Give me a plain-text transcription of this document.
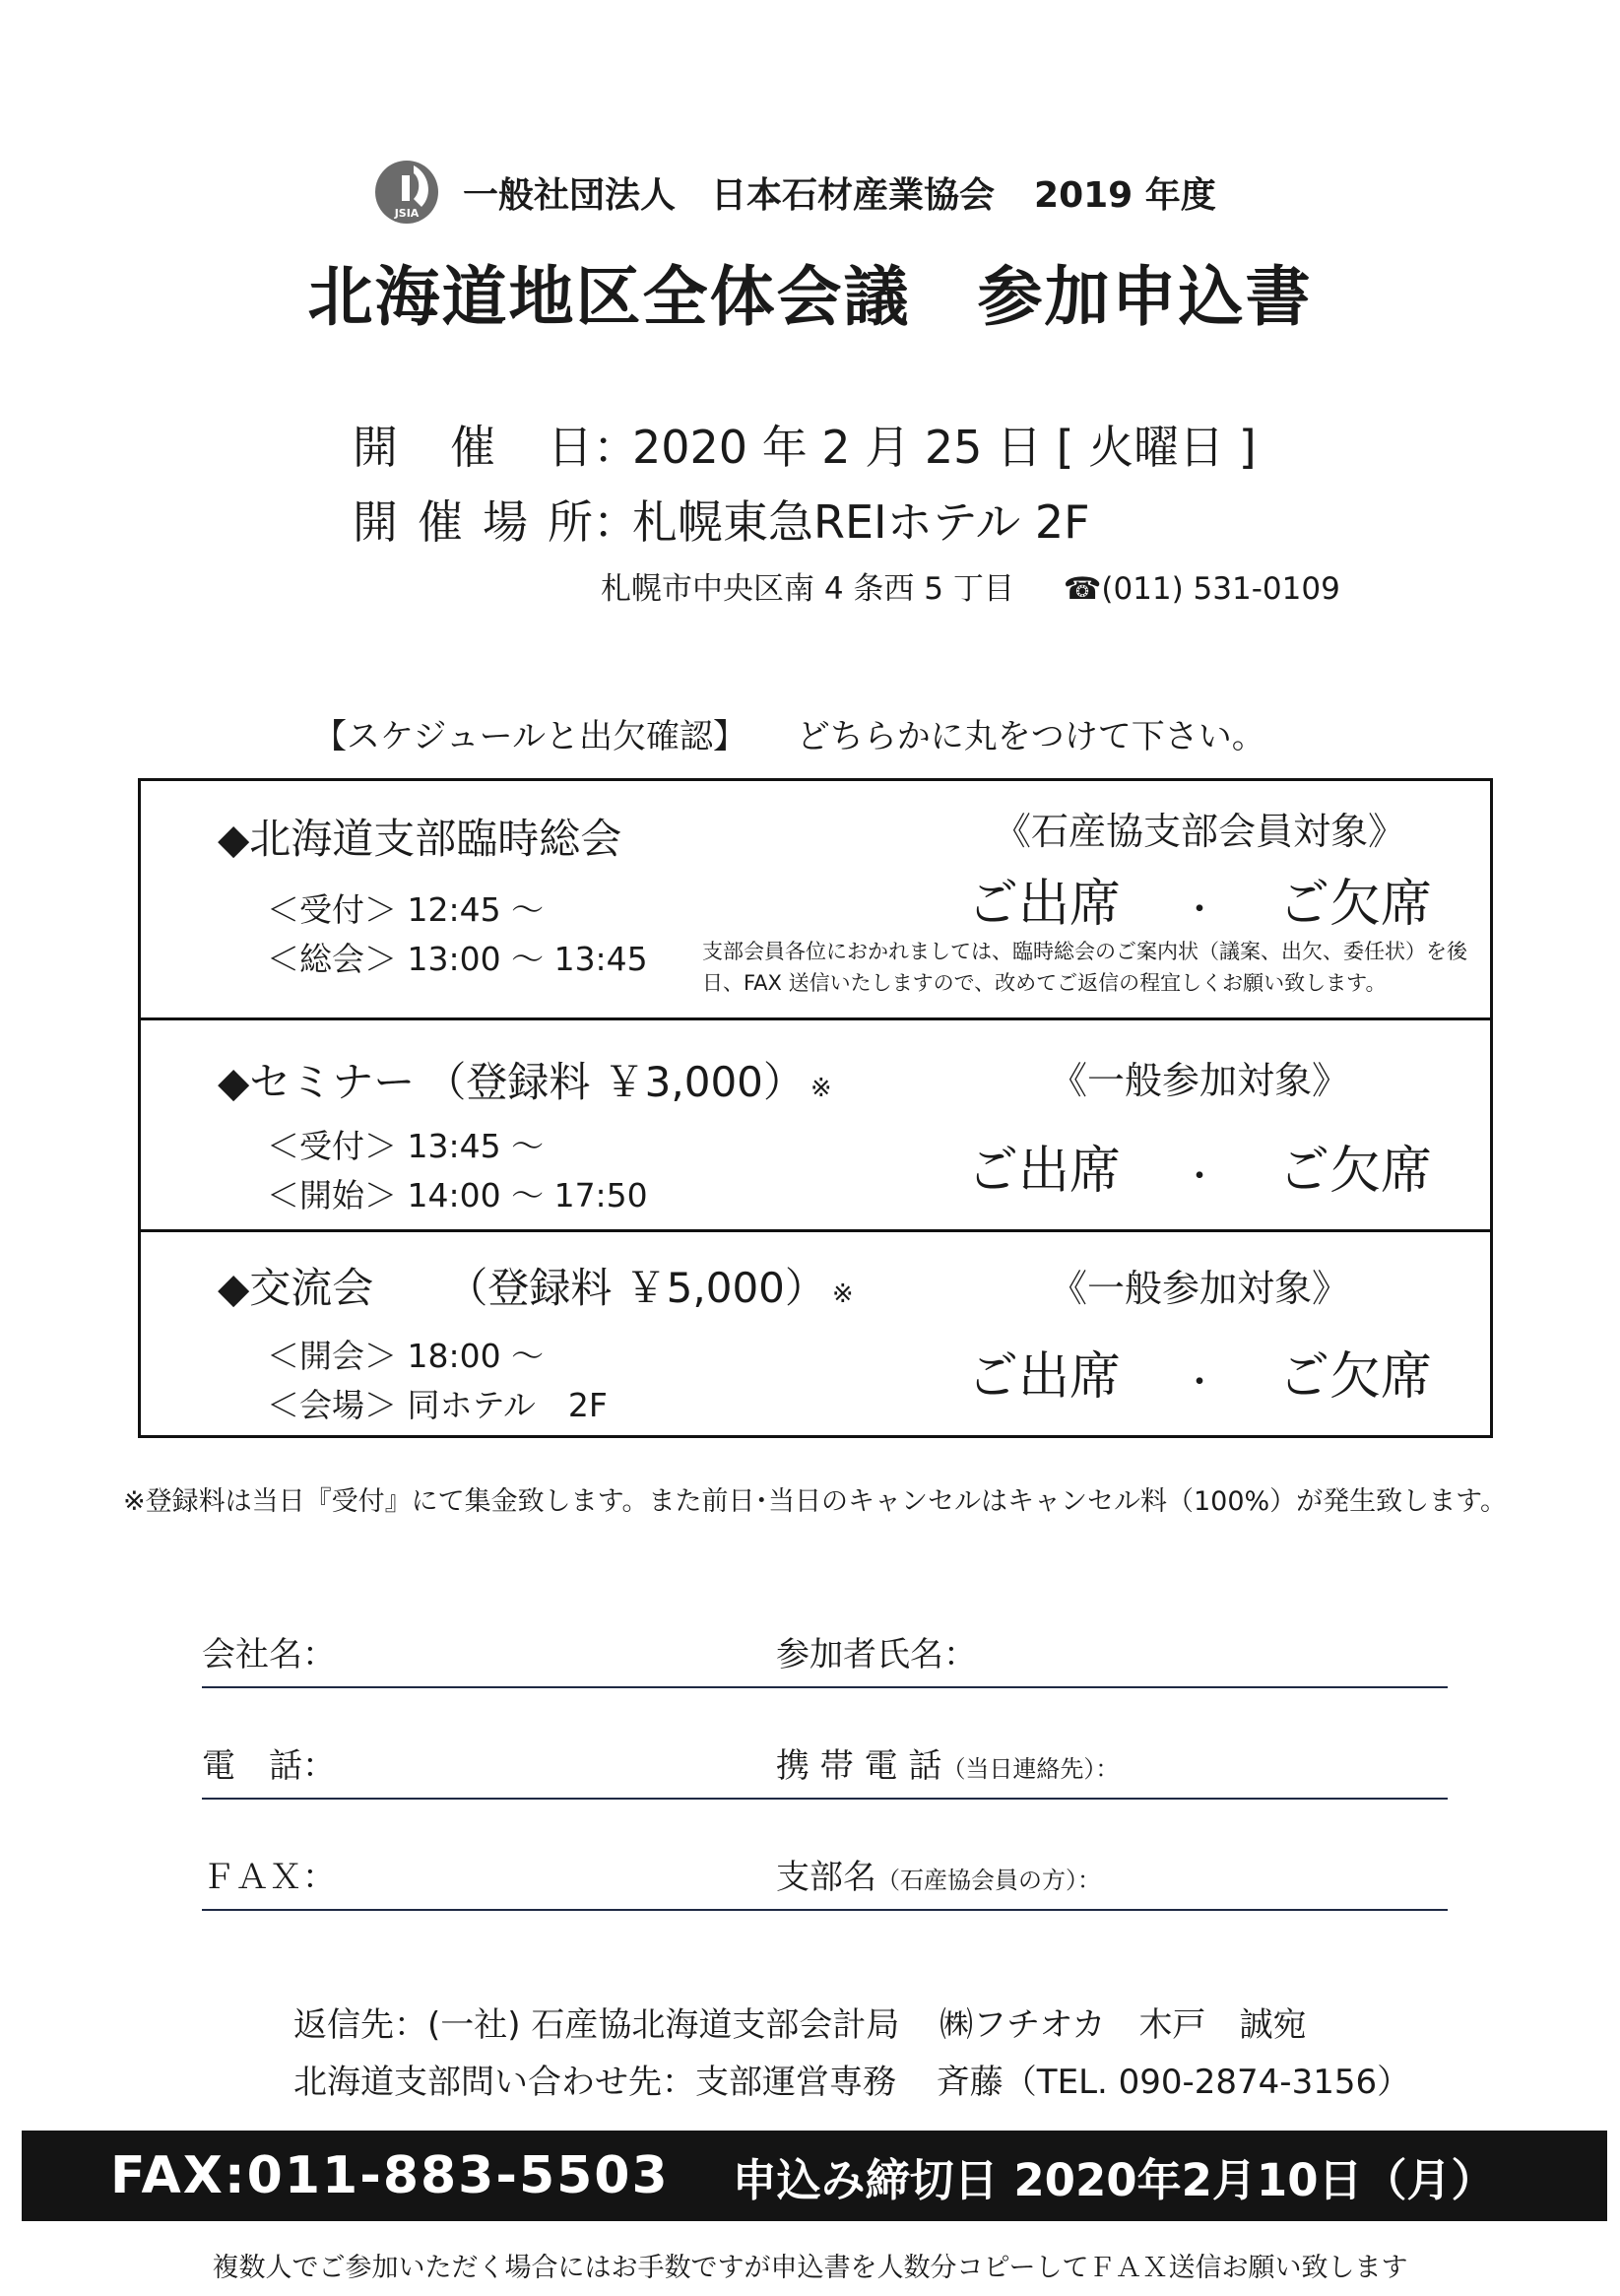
JSIA 一般社団法人　日本石材産業協会 2019 年度
北海道地区全体会議　参加申込書
開 催 日 ：
2020 年 2 月 25 日 [ 火曜日 ]
開 催 場 所 ：
札幌東急REIホテル 2F
札幌市中央区南 4 条西 5 丁目 ☎(011) 531-0109
【スケジュールと出欠確認】 どちらかに丸をつけて下さい。
◆北海道支部臨時総会
＜受付＞ 12:45 ～
＜総会＞ 13:00 ～ 13:45
《石産協支部会員対象》
ご出席 ・ ご欠席
支部会員各位におかれましては、臨時総会のご案内状（議案、出欠、委任状）を後日、FAX 送信いたしますので、改めてご返信の程宜しくお願い致します。
◆セミナー （登録料 ￥3,000） ※
＜受付＞ 13:45 ～
＜開始＞ 14:00 ～ 17:50
《一般参加対象》
ご出席 ・ ご欠席
◆交流会 （登録料 ￥5,000） ※
＜開会＞ 18:00 ～
＜会場＞ 同ホテル　2F
《一般参加対象》
ご出席 ・ ご欠席
※登録料は当日『受付』にて集金致します。また前日･当日のキャンセルはキャンセル料（100%）が発生致します。
会社名：	参加者氏名：
電　話：	携 帯 電 話（当日連絡先）：
ＦＡＸ：	支部名（石産協会員の方）：
返信先：(一社) 石産協北海道支部会計局 ㈱フチオカ　木戸　誠宛
北海道支部問い合わせ先：支部運営専務 斉藤（TEL. 090-2874-3156）
FAX:011-883-5503 申込み締切日 2020年2月10日（月）
複数人でご参加いただく場合にはお手数ですが申込書を人数分コピーしてＦＡＸ送信お願い致します
